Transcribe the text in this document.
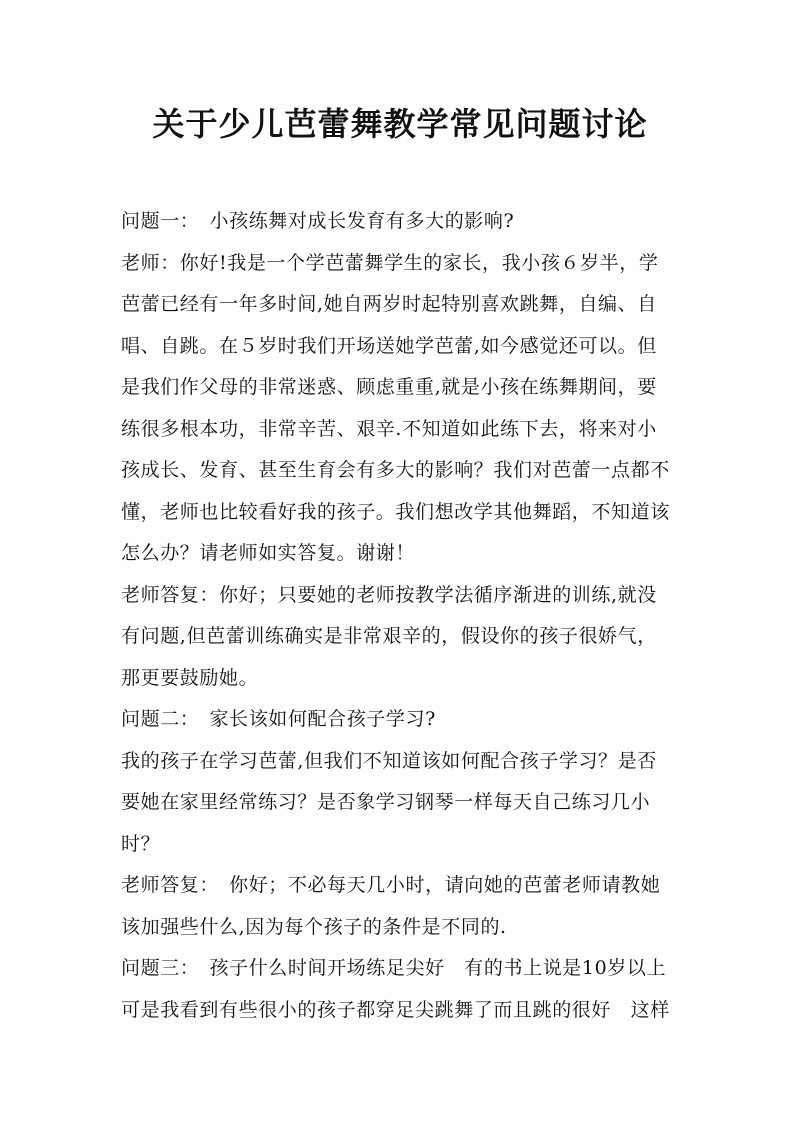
关于少儿芭蕾舞教学常见问题讨论
问题一：　小孩练舞对成长发育有多大的影响?
老师：你好!我是一个学芭蕾舞学生的家长，我小孩６岁半，学
芭蕾已经有一年多时间,她自两岁时起特别喜欢跳舞，自编、自
唱、自跳。在５岁时我们开场送她学芭蕾,如今感觉还可以。但
是我们作父母的非常迷惑、顾虑重重,就是小孩在练舞期间，要
练很多根本功，非常辛苦、艰辛.不知道如此练下去，将来对小
孩成长、发育、甚至生育会有多大的影响？我们对芭蕾一点都不
懂，老师也比较看好我的孩子。我们想改学其他舞蹈，不知道该
怎么办？请老师如实答复。谢谢！
老师答复：你好；只要她的老师按教学法循序渐进的训练,就没
有问题,但芭蕾训练确实是非常艰辛的，假设你的孩子很娇气，
那更要鼓励她。
问题二：　家长该如何配合孩子学习?
我的孩子在学习芭蕾,但我们不知道该如何配合孩子学习？是否
要她在家里经常练习？是否象学习钢琴一样每天自己练习几小
时？
老师答复：　你好；不必每天几小时，请向她的芭蕾老师请教她
该加强些什么,因为每个孩子的条件是不同的.
问题三：　孩子什么时间开场练足尖好　有的书上说是10岁以上
可是我看到有些很小的孩子都穿足尖跳舞了而且跳的很好　这样
